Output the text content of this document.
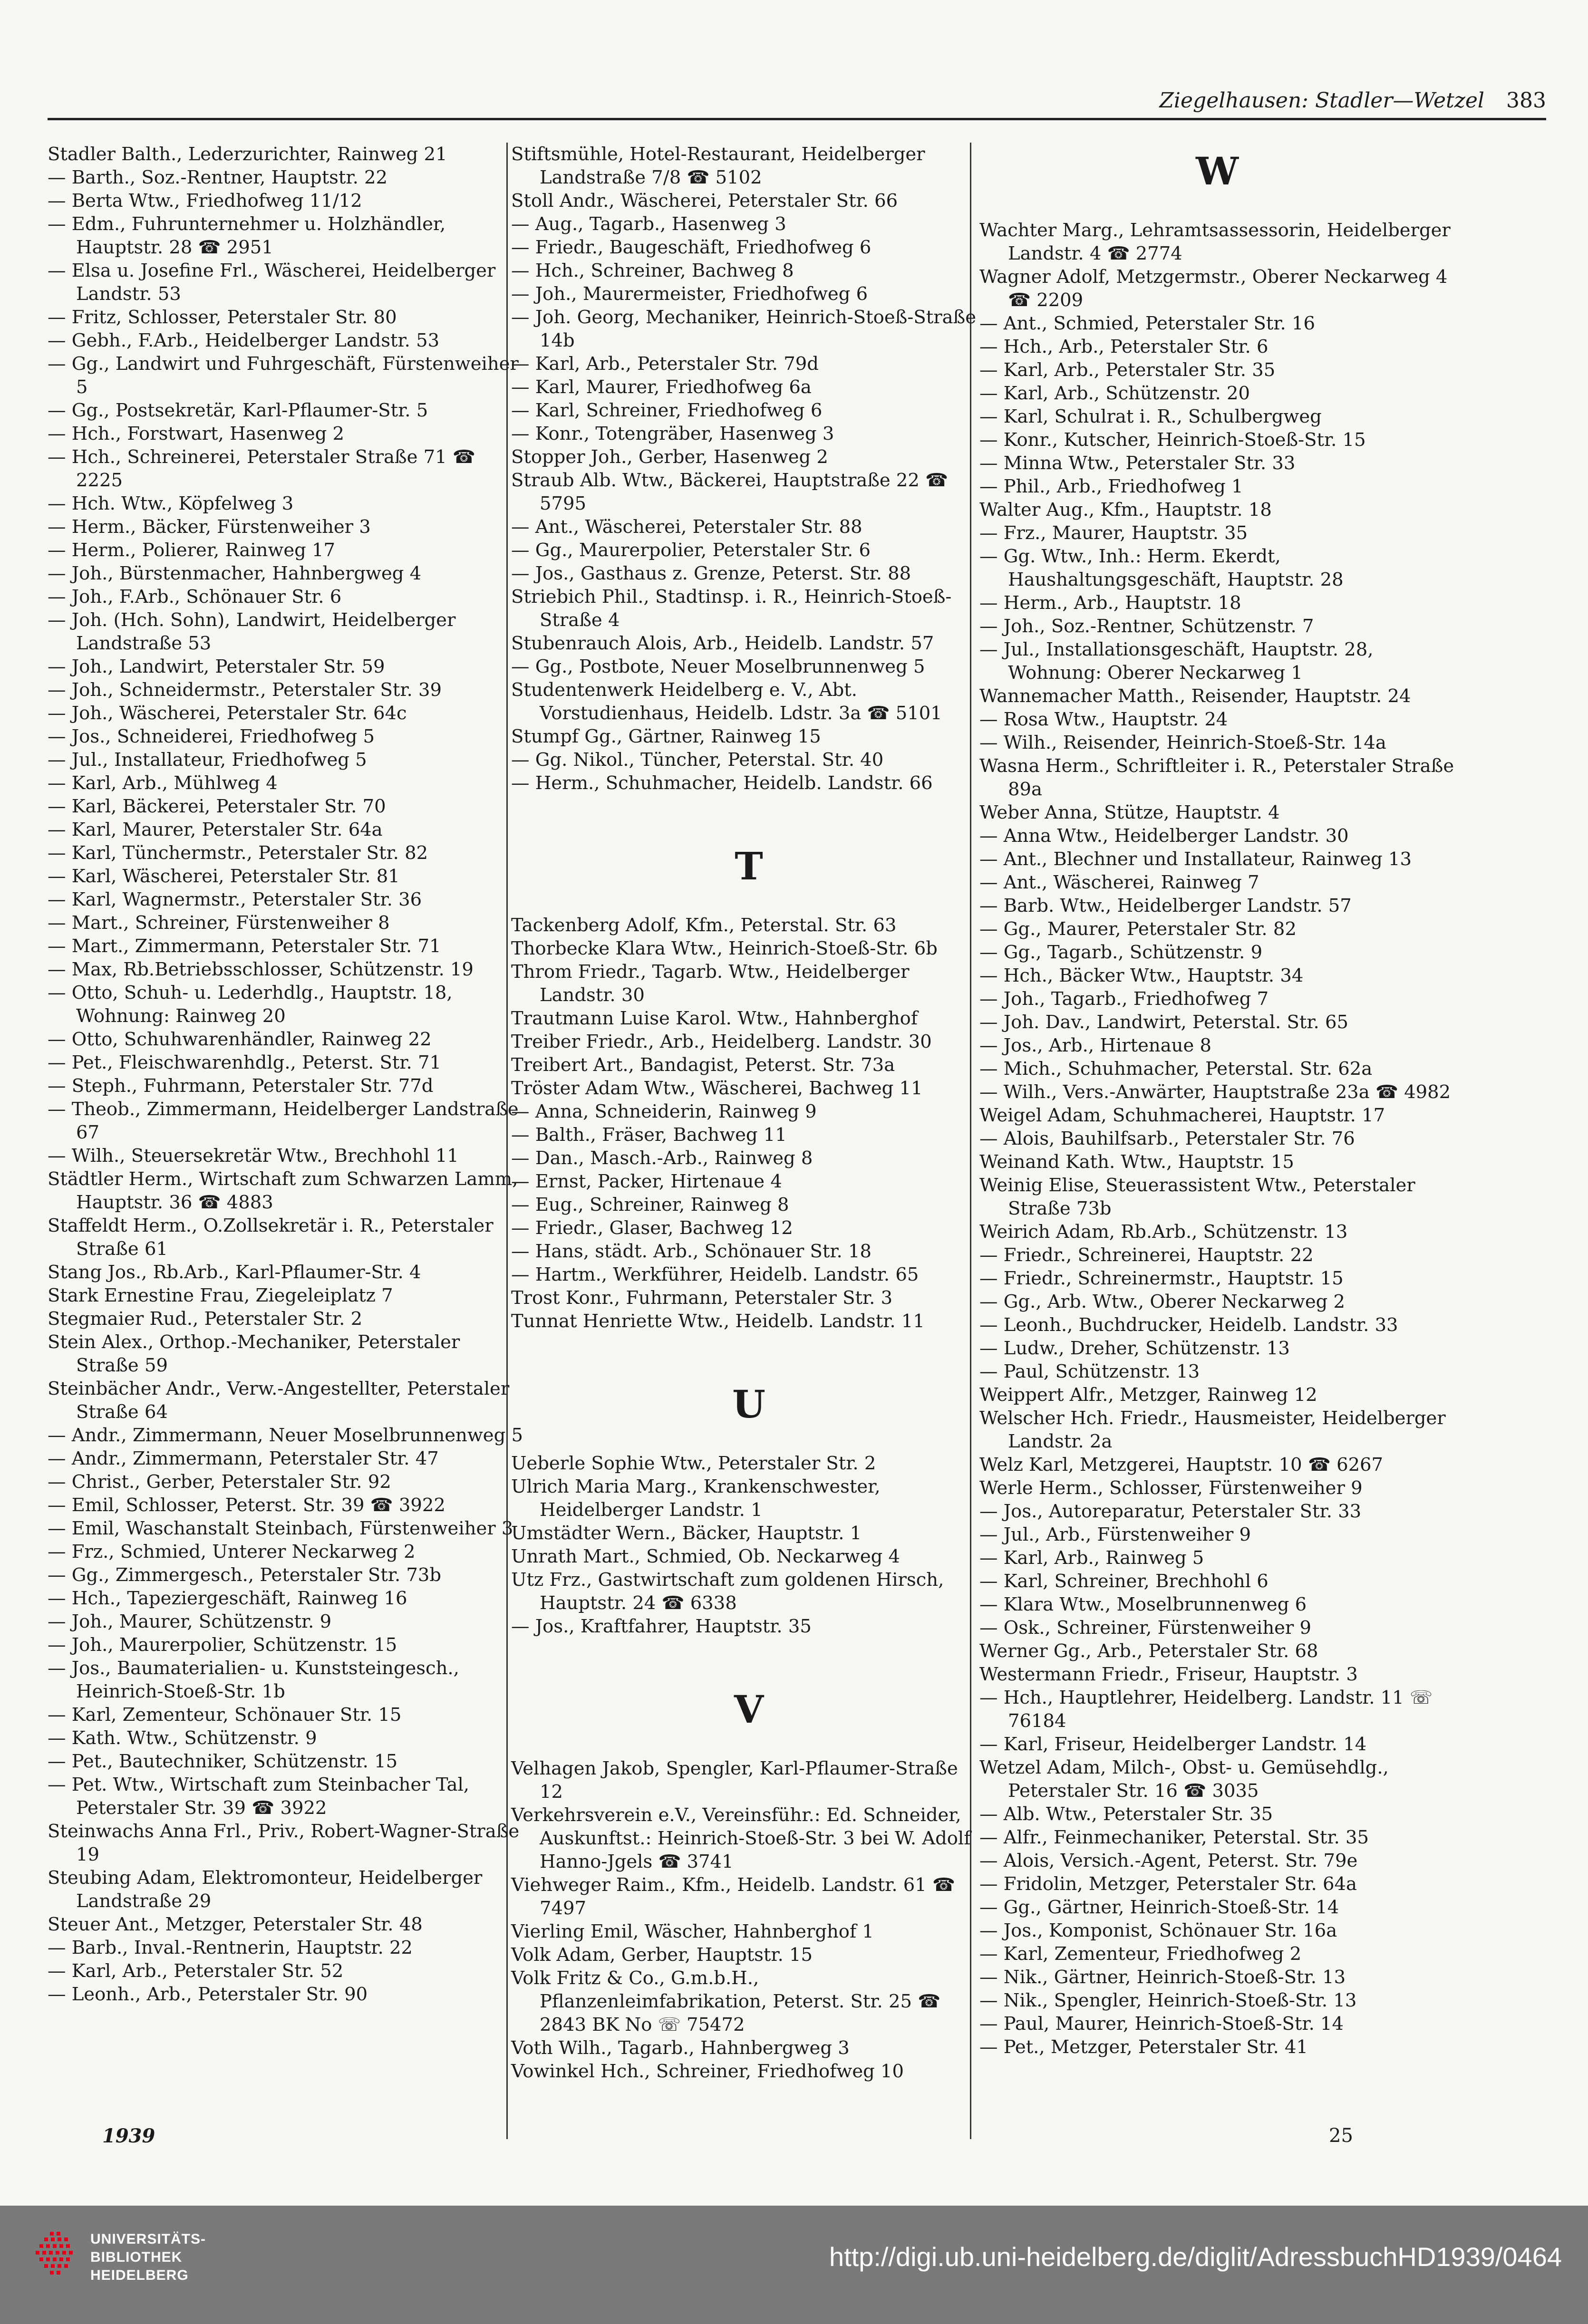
Ziegelhausen: Stadler—Wetzel 383

Stadler Balth., Lederzurichter, Rainweg 21

— Barth., Soz.-Rentner, Hauptstr. 22

— Berta Wtw., Friedhofweg 11/12

— Edm., Fuhrunternehmer u. Holzhändler, Hauptstr. 28 ☎ 2951

— Elsa u. Josefine Frl., Wäscherei, Heidelberger Landstr. 53

— Fritz, Schlosser, Peterstaler Str. 80

— Gebh., F.Arb., Heidelberger Landstr. 53

— Gg., Landwirt und Fuhrgeschäft, Fürstenweiher 5

— Gg., Postsekretär, Karl-Pflaumer-Str. 5

— Hch., Forstwart, Hasenweg 2

— Hch., Schreinerei, Peterstaler Straße 71 ☎ 2225

— Hch. Wtw., Köpfelweg 3

— Herm., Bäcker, Fürstenweiher 3

— Herm., Polierer, Rainweg 17

— Joh., Bürstenmacher, Hahnbergweg 4

— Joh., F.Arb., Schönauer Str. 6

— Joh. (Hch. Sohn), Landwirt, Heidelberger Landstraße 53

— Joh., Landwirt, Peterstaler Str. 59

— Joh., Schneidermstr., Peterstaler Str. 39

— Joh., Wäscherei, Peterstaler Str. 64c

— Jos., Schneiderei, Friedhofweg 5

— Jul., Installateur, Friedhofweg 5

— Karl, Arb., Mühlweg 4

— Karl, Bäckerei, Peterstaler Str. 70

— Karl, Maurer, Peterstaler Str. 64a

— Karl, Tünchermstr., Peterstaler Str. 82

— Karl, Wäscherei, Peterstaler Str. 81

— Karl, Wagnermstr., Peterstaler Str. 36

— Mart., Schreiner, Fürstenweiher 8

— Mart., Zimmermann, Peterstaler Str. 71

— Max, Rb.Betriebsschlosser, Schützenstr. 19

— Otto, Schuh- u. Lederhdlg., Hauptstr. 18, Wohnung: Rainweg 20

— Otto, Schuhwarenhändler, Rainweg 22

— Pet., Fleischwarenhdlg., Peterst. Str. 71

— Steph., Fuhrmann, Peterstaler Str. 77d

— Theob., Zimmermann, Heidelberger Landstraße 67

— Wilh., Steuersekretär Wtw., Brechhohl 11

Städtler Herm., Wirtschaft zum Schwarzen Lamm, Hauptstr. 36 ☎ 4883

Staffeldt Herm., O.Zollsekretär i. R., Peterstaler Straße 61

Stang Jos., Rb.Arb., Karl-Pflaumer-Str. 4

Stark Ernestine Frau, Ziegeleiplatz 7

Stegmaier Rud., Peterstaler Str. 2

Stein Alex., Orthop.-Mechaniker, Peterstaler Straße 59

Steinbächer Andr., Verw.-Angestellter, Peterstaler Straße 64

— Andr., Zimmermann, Neuer Moselbrunnenweg 5

— Andr., Zimmermann, Peterstaler Str. 47

— Christ., Gerber, Peterstaler Str. 92

— Emil, Schlosser, Peterst. Str. 39 ☎ 3922

— Emil, Waschanstalt Steinbach, Fürstenweiher 3

— Frz., Schmied, Unterer Neckarweg 2

— Gg., Zimmergesch., Peterstaler Str. 73b

— Hch., Tapeziergeschäft, Rainweg 16

— Joh., Maurer, Schützenstr. 9

— Joh., Maurerpolier, Schützenstr. 15

— Jos., Baumaterialien- u. Kunststeingesch., Heinrich-Stoeß-Str. 1b

— Karl, Zementeur, Schönauer Str. 15

— Kath. Wtw., Schützenstr. 9

— Pet., Bautechniker, Schützenstr. 15

— Pet. Wtw., Wirtschaft zum Steinbacher Tal, Peterstaler Str. 39 ☎ 3922

Steinwachs Anna Frl., Priv., Robert-Wagner-Straße 19

Steubing Adam, Elektromonteur, Heidelberger Landstraße 29

Steuer Ant., Metzger, Peterstaler Str. 48

— Barb., Inval.-Rentnerin, Hauptstr. 22

— Karl, Arb., Peterstaler Str. 52

— Leonh., Arb., Peterstaler Str. 90

Stiftsmühle, Hotel-Restaurant, Heidelberger Landstraße 7/8 ☎ 5102

Stoll Andr., Wäscherei, Peterstaler Str. 66

— Aug., Tagarb., Hasenweg 3

— Friedr., Baugeschäft, Friedhofweg 6

— Hch., Schreiner, Bachweg 8

— Joh., Maurermeister, Friedhofweg 6

— Joh. Georg, Mechaniker, Heinrich-Stoeß-Straße 14b

— Karl, Arb., Peterstaler Str. 79d

— Karl, Maurer, Friedhofweg 6a

— Karl, Schreiner, Friedhofweg 6

— Konr., Totengräber, Hasenweg 3

Stopper Joh., Gerber, Hasenweg 2

Straub Alb. Wtw., Bäckerei, Hauptstraße 22 ☎ 5795

— Ant., Wäscherei, Peterstaler Str. 88

— Gg., Maurerpolier, Peterstaler Str. 6

— Jos., Gasthaus z. Grenze, Peterst. Str. 88

Striebich Phil., Stadtinsp. i. R., Heinrich-Stoeß-Straße 4

Stubenrauch Alois, Arb., Heidelb. Landstr. 57

— Gg., Postbote, Neuer Moselbrunnenweg 5

Studentenwerk Heidelberg e. V., Abt. Vorstudienhaus, Heidelb. Ldstr. 3a ☎ 5101

Stumpf Gg., Gärtner, Rainweg 15

— Gg. Nikol., Tüncher, Peterstal. Str. 40

— Herm., Schuhmacher, Heidelb. Landstr. 66

T

Tackenberg Adolf, Kfm., Peterstal. Str. 63

Thorbecke Klara Wtw., Heinrich-Stoeß-Str. 6b

Throm Friedr., Tagarb. Wtw., Heidelberger Landstr. 30

Trautmann Luise Karol. Wtw., Hahnberghof

Treiber Friedr., Arb., Heidelberg. Landstr. 30

Treibert Art., Bandagist, Peterst. Str. 73a

Tröster Adam Wtw., Wäscherei, Bachweg 11

— Anna, Schneiderin, Rainweg 9

— Balth., Fräser, Bachweg 11

— Dan., Masch.-Arb., Rainweg 8

— Ernst, Packer, Hirtenaue 4

— Eug., Schreiner, Rainweg 8

— Friedr., Glaser, Bachweg 12

— Hans, städt. Arb., Schönauer Str. 18

— Hartm., Werkführer, Heidelb. Landstr. 65

Trost Konr., Fuhrmann, Peterstaler Str. 3

Tunnat Henriette Wtw., Heidelb. Landstr. 11

U

Ueberle Sophie Wtw., Peterstaler Str. 2

Ulrich Maria Marg., Krankenschwester, Heidelberger Landstr. 1

Umstädter Wern., Bäcker, Hauptstr. 1

Unrath Mart., Schmied, Ob. Neckarweg 4

Utz Frz., Gastwirtschaft zum goldenen Hirsch, Hauptstr. 24 ☎ 6338

— Jos., Kraftfahrer, Hauptstr. 35

V

Velhagen Jakob, Spengler, Karl-Pflaumer-Straße 12

Verkehrsverein e.V., Vereinsführ.: Ed. Schneider, Auskunftst.: Heinrich-Stoeß-Str. 3 bei W. Adolf Hanno-Jgels ☎ 3741

Viehweger Raim., Kfm., Heidelb. Landstr. 61 ☎ 7497

Vierling Emil, Wäscher, Hahnberghof 1

Volk Adam, Gerber, Hauptstr. 15

Volk Fritz & Co., G.m.b.H., Pflanzenleimfabrikation, Peterst. Str. 25 ☎ 2843 BK No ☏ 75472

Voth Wilh., Tagarb., Hahnbergweg 3

Vowinkel Hch., Schreiner, Friedhofweg 10

W

Wachter Marg., Lehramtsassessorin, Heidelberger Landstr. 4 ☎ 2774

Wagner Adolf, Metzgermstr., Oberer Neckarweg 4 ☎ 2209

— Ant., Schmied, Peterstaler Str. 16

— Hch., Arb., Peterstaler Str. 6

— Karl, Arb., Peterstaler Str. 35

— Karl, Arb., Schützenstr. 20

— Karl, Schulrat i. R., Schulbergweg

— Konr., Kutscher, Heinrich-Stoeß-Str. 15

— Minna Wtw., Peterstaler Str. 33

— Phil., Arb., Friedhofweg 1

Walter Aug., Kfm., Hauptstr. 18

— Frz., Maurer, Hauptstr. 35

— Gg. Wtw., Inh.: Herm. Ekerdt, Haushaltungsgeschäft, Hauptstr. 28

— Herm., Arb., Hauptstr. 18

— Joh., Soz.-Rentner, Schützenstr. 7

— Jul., Installationsgeschäft, Hauptstr. 28, Wohnung: Oberer Neckarweg 1

Wannemacher Matth., Reisender, Hauptstr. 24

— Rosa Wtw., Hauptstr. 24

— Wilh., Reisender, Heinrich-Stoeß-Str. 14a

Wasna Herm., Schriftleiter i. R., Peterstaler Straße 89a

Weber Anna, Stütze, Hauptstr. 4

— Anna Wtw., Heidelberger Landstr. 30

— Ant., Blechner und Installateur, Rainweg 13

— Ant., Wäscherei, Rainweg 7

— Barb. Wtw., Heidelberger Landstr. 57

— Gg., Maurer, Peterstaler Str. 82

— Gg., Tagarb., Schützenstr. 9

— Hch., Bäcker Wtw., Hauptstr. 34

— Joh., Tagarb., Friedhofweg 7

— Joh. Dav., Landwirt, Peterstal. Str. 65

— Jos., Arb., Hirtenaue 8

— Mich., Schuhmacher, Peterstal. Str. 62a

— Wilh., Vers.-Anwärter, Hauptstraße 23a ☎ 4982

Weigel Adam, Schuhmacherei, Hauptstr. 17

— Alois, Bauhilfsarb., Peterstaler Str. 76

Weinand Kath. Wtw., Hauptstr. 15

Weinig Elise, Steuerassistent Wtw., Peterstaler Straße 73b

Weirich Adam, Rb.Arb., Schützenstr. 13

— Friedr., Schreinerei, Hauptstr. 22

— Friedr., Schreinermstr., Hauptstr. 15

— Gg., Arb. Wtw., Oberer Neckarweg 2

— Leonh., Buchdrucker, Heidelb. Landstr. 33

— Ludw., Dreher, Schützenstr. 13

— Paul, Schützenstr. 13

Weippert Alfr., Metzger, Rainweg 12

Welscher Hch. Friedr., Hausmeister, Heidelberger Landstr. 2a

Welz Karl, Metzgerei, Hauptstr. 10 ☎ 6267

Werle Herm., Schlosser, Fürstenweiher 9

— Jos., Autoreparatur, Peterstaler Str. 33

— Jul., Arb., Fürstenweiher 9

— Karl, Arb., Rainweg 5

— Karl, Schreiner, Brechhohl 6

— Klara Wtw., Moselbrunnenweg 6

— Osk., Schreiner, Fürstenweiher 9

Werner Gg., Arb., Peterstaler Str. 68

Westermann Friedr., Friseur, Hauptstr. 3

— Hch., Hauptlehrer, Heidelberg. Landstr. 11 ☏ 76184

— Karl, Friseur, Heidelberger Landstr. 14

Wetzel Adam, Milch-, Obst- u. Gemüsehdlg., Peterstaler Str. 16 ☎ 3035

— Alb. Wtw., Peterstaler Str. 35

— Alfr., Feinmechaniker, Peterstal. Str. 35

— Alois, Versich.-Agent, Peterst. Str. 79e

— Fridolin, Metzger, Peterstaler Str. 64a

— Gg., Gärtner, Heinrich-Stoeß-Str. 14

— Jos., Komponist, Schönauer Str. 16a

— Karl, Zementeur, Friedhofweg 2

— Nik., Gärtner, Heinrich-Stoeß-Str. 13

— Nik., Spengler, Heinrich-Stoeß-Str. 13

— Paul, Maurer, Heinrich-Stoeß-Str. 14

— Pet., Metzger, Peterstaler Str. 41

1939	25
UNIVERSITÄTS-
BIBLIOTHEK
HEIDELBERG
http://digi.ub.uni-heidelberg.de/diglit/AdressbuchHD1939/0464
